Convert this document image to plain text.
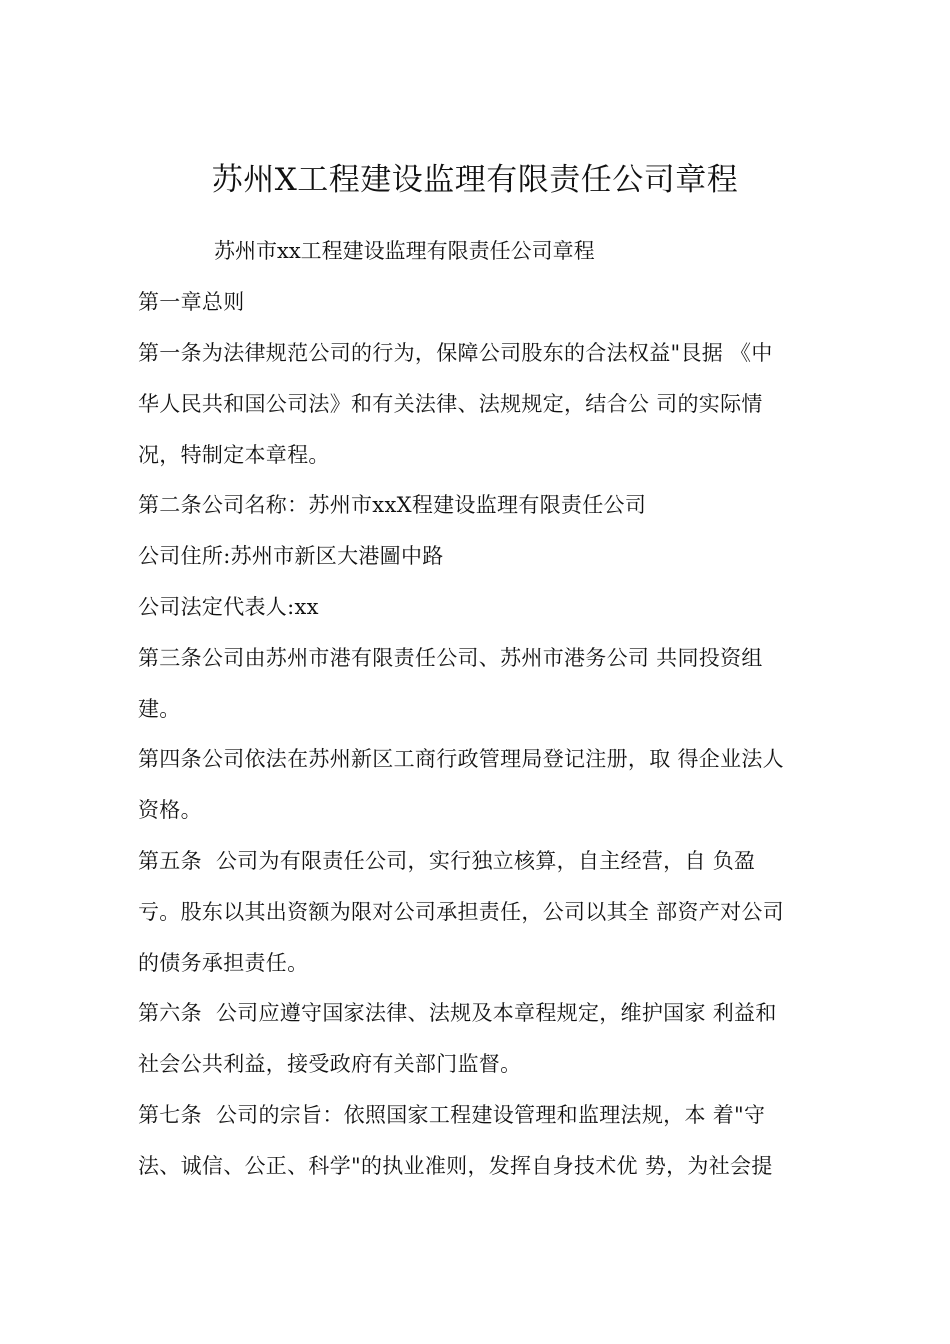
苏州X工程建设监理有限责任公司章程
苏州市xx工程建设监理有限责任公司章程
第一章总则
第一条为法律规范公司的行为，保障公司股东的合法权益"艮据 《中
华人民共和国公司法》和有关法律、法规规定，结合公 司的实际情
况，特制定本章程。
第二条公司名称：苏州市xxX程建设监理有限责任公司
公司住所:苏州市新区大港圖中路
公司法定代表人:xx
第三条公司由苏州市港有限责任公司、苏州市港务公司 共同投资组
建。
第四条公司依法在苏州新区工商行政管理局登记注册，取 得企业法人
资格。
第五条  公司为有限责任公司，实行独立核算，自主经营，自 负盈
亏。股东以其出资额为限对公司承担责任，公司以其全 部资产对公司
的债务承担责任。
第六条  公司应遵守国家法律、法规及本章程规定，维护国家 利益和
社会公共利益，接受政府有关部门监督。
第七条  公司的宗旨：依照国家工程建设管理和监理法规，本 着"守
法、诚信、公正、科学"的执业准则，发挥自身技术优 势，为社会提
